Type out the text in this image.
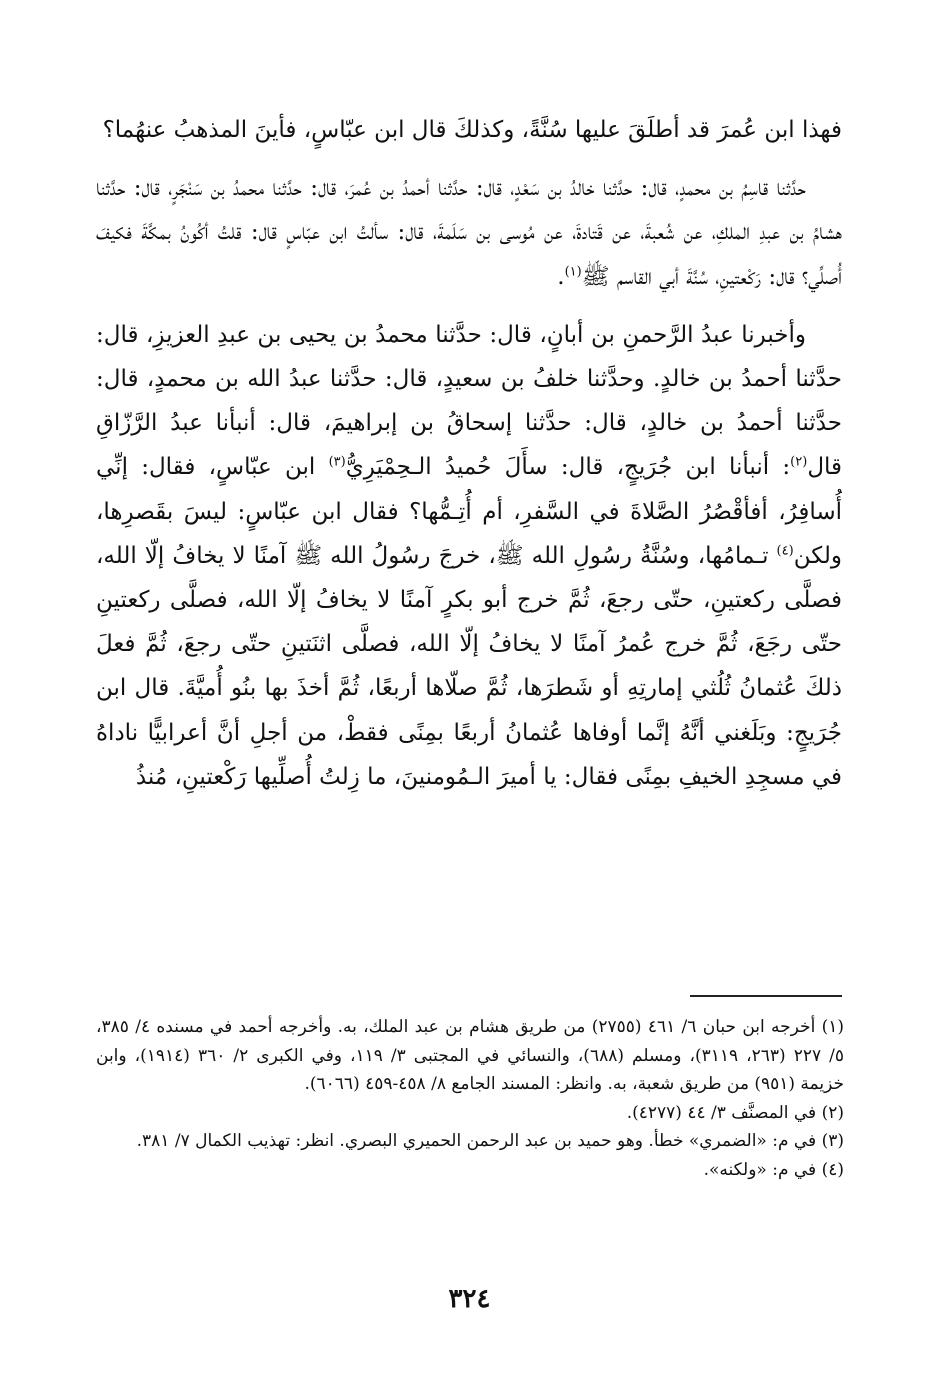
فهذا ابن عُمرَ قد أطلَقَ عليها سُنَّةً، وكذلكَ قال ابن عبّاسٍ، فأينَ المذهبُ عنهُما؟

حدَّثنا قاسِمُ بن محمدٍ، قال: حدَّثنا خالدُ بن سَعْدٍ، قال: حدَّثنا أحمدُ بن عُمرَ، قال: حدَّثنا محمدُ بن سَنْجَرٍ، قال: حدَّثنا هشامُ بن عبدِ الملكِ، عن شُعبةَ، عن قَتادةَ، عن مُوسى بن سَلَمةَ، قال: سألتُ ابن عبّاسٍ قال: قلتُ أكُونُ بمكَّةَ فكيفَ أُصلِّي؟ قال: رَكْعتينِ، سُنَّةَ أبي القاسم ﷺ$^{(١)}$.

وأخبرنا عبدُ الرَّحمنِ بن أبانٍ، قال: حدَّثنا محمدُ بن يحيى بن عبدِ العزيزِ، قال: حدَّثنا أحمدُ بن خالدٍ. وحدَّثنا خلفُ بن سعيدٍ، قال: حدَّثنا عبدُ الله بن محمدٍ، قال: حدَّثنا أحمدُ بن خالدٍ، قال: حدَّثنا إسحاقُ بن إبراهيمَ، قال: أنبأنا عبدُ الرَّزّاقِ قال$^{(٢)}$: أنبأنا ابن جُرَيجٍ، قال: سأَلَ حُميدُ الـحِمْيَرِيُّ$^{(٣)}$ ابن عبّاسٍ، فقال: إنِّي أُسافِرُ، أفأقْصُرُ الصَّلاةَ في السَّفرِ، أم أُتِـمُّها؟ فقال ابن عبّاسٍ: ليسَ بقَصرِها، ولكن$^{(٤)}$ تـمامُها، وسُنَّةُ رسُولِ الله ﷺ، خرجَ رسُولُ الله ﷺ آمنًا لا يخافُ إلّا الله، فصلَّى ركعتينِ، حتّى رجعَ، ثُمَّ خرج أبو بكرٍ آمنًا لا يخافُ إلّا الله، فصلَّى ركعتينِ حتّى رجَعَ، ثُمَّ خرج عُمرُ آمنًا لا يخافُ إلّا الله، فصلَّى اثنَتينِ حتّى رجعَ، ثُمَّ فعلَ ذلكَ عُثمانُ ثُلُثي إمارتِهِ أو شَطرَها، ثُمَّ صلّاها أربعًا، ثُمَّ أخذَ بها بنُو أُميَّةَ. قال ابن جُرَيجٍ: وبَلَغني أنَّهُ إنَّما أوفاها عُثمانُ أربعًا بمِنًى فقطْ، من أجلِ أنَّ أعرابيًّا ناداهُ في مسجِدِ الخيفِ بمِنًى فقال: يا أميرَ الـمُومنينَ، ما زِلتُ أُصلِّيها رَكْعتينِ، مُنذُ

(١) أخرجه ابن حبان ٦/ ٤٦١ (٢٧٥٥) من طريق هشام بن عبد الملك، به. وأخرجه أحمد في مسنده ٤/ ٣٨٥، ٥/ ٢٢٧ (٢٦٣، ٣١١٩)، ومسلم (٦٨٨)، والنسائي في المجتبى ٣/ ١١٩، وفي الكبرى ٢/ ٣٦٠ (١٩١٤)، وابن خزيمة (٩٥١) من طريق شعبة، به. وانظر: المسند الجامع ٨/ ٤٥٨-٤٥٩ (٦٠٦٦).

(٢) في المصنَّف ٣/ ٤٤ (٤٢٧٧).

(٣) في م: «الضمري» خطأ. وهو حميد بن عبد الرحمن الحميري البصري. انظر: تهذيب الكمال ٧/ ٣٨١.

(٤) في م: «ولكنه».

٣٢٤
